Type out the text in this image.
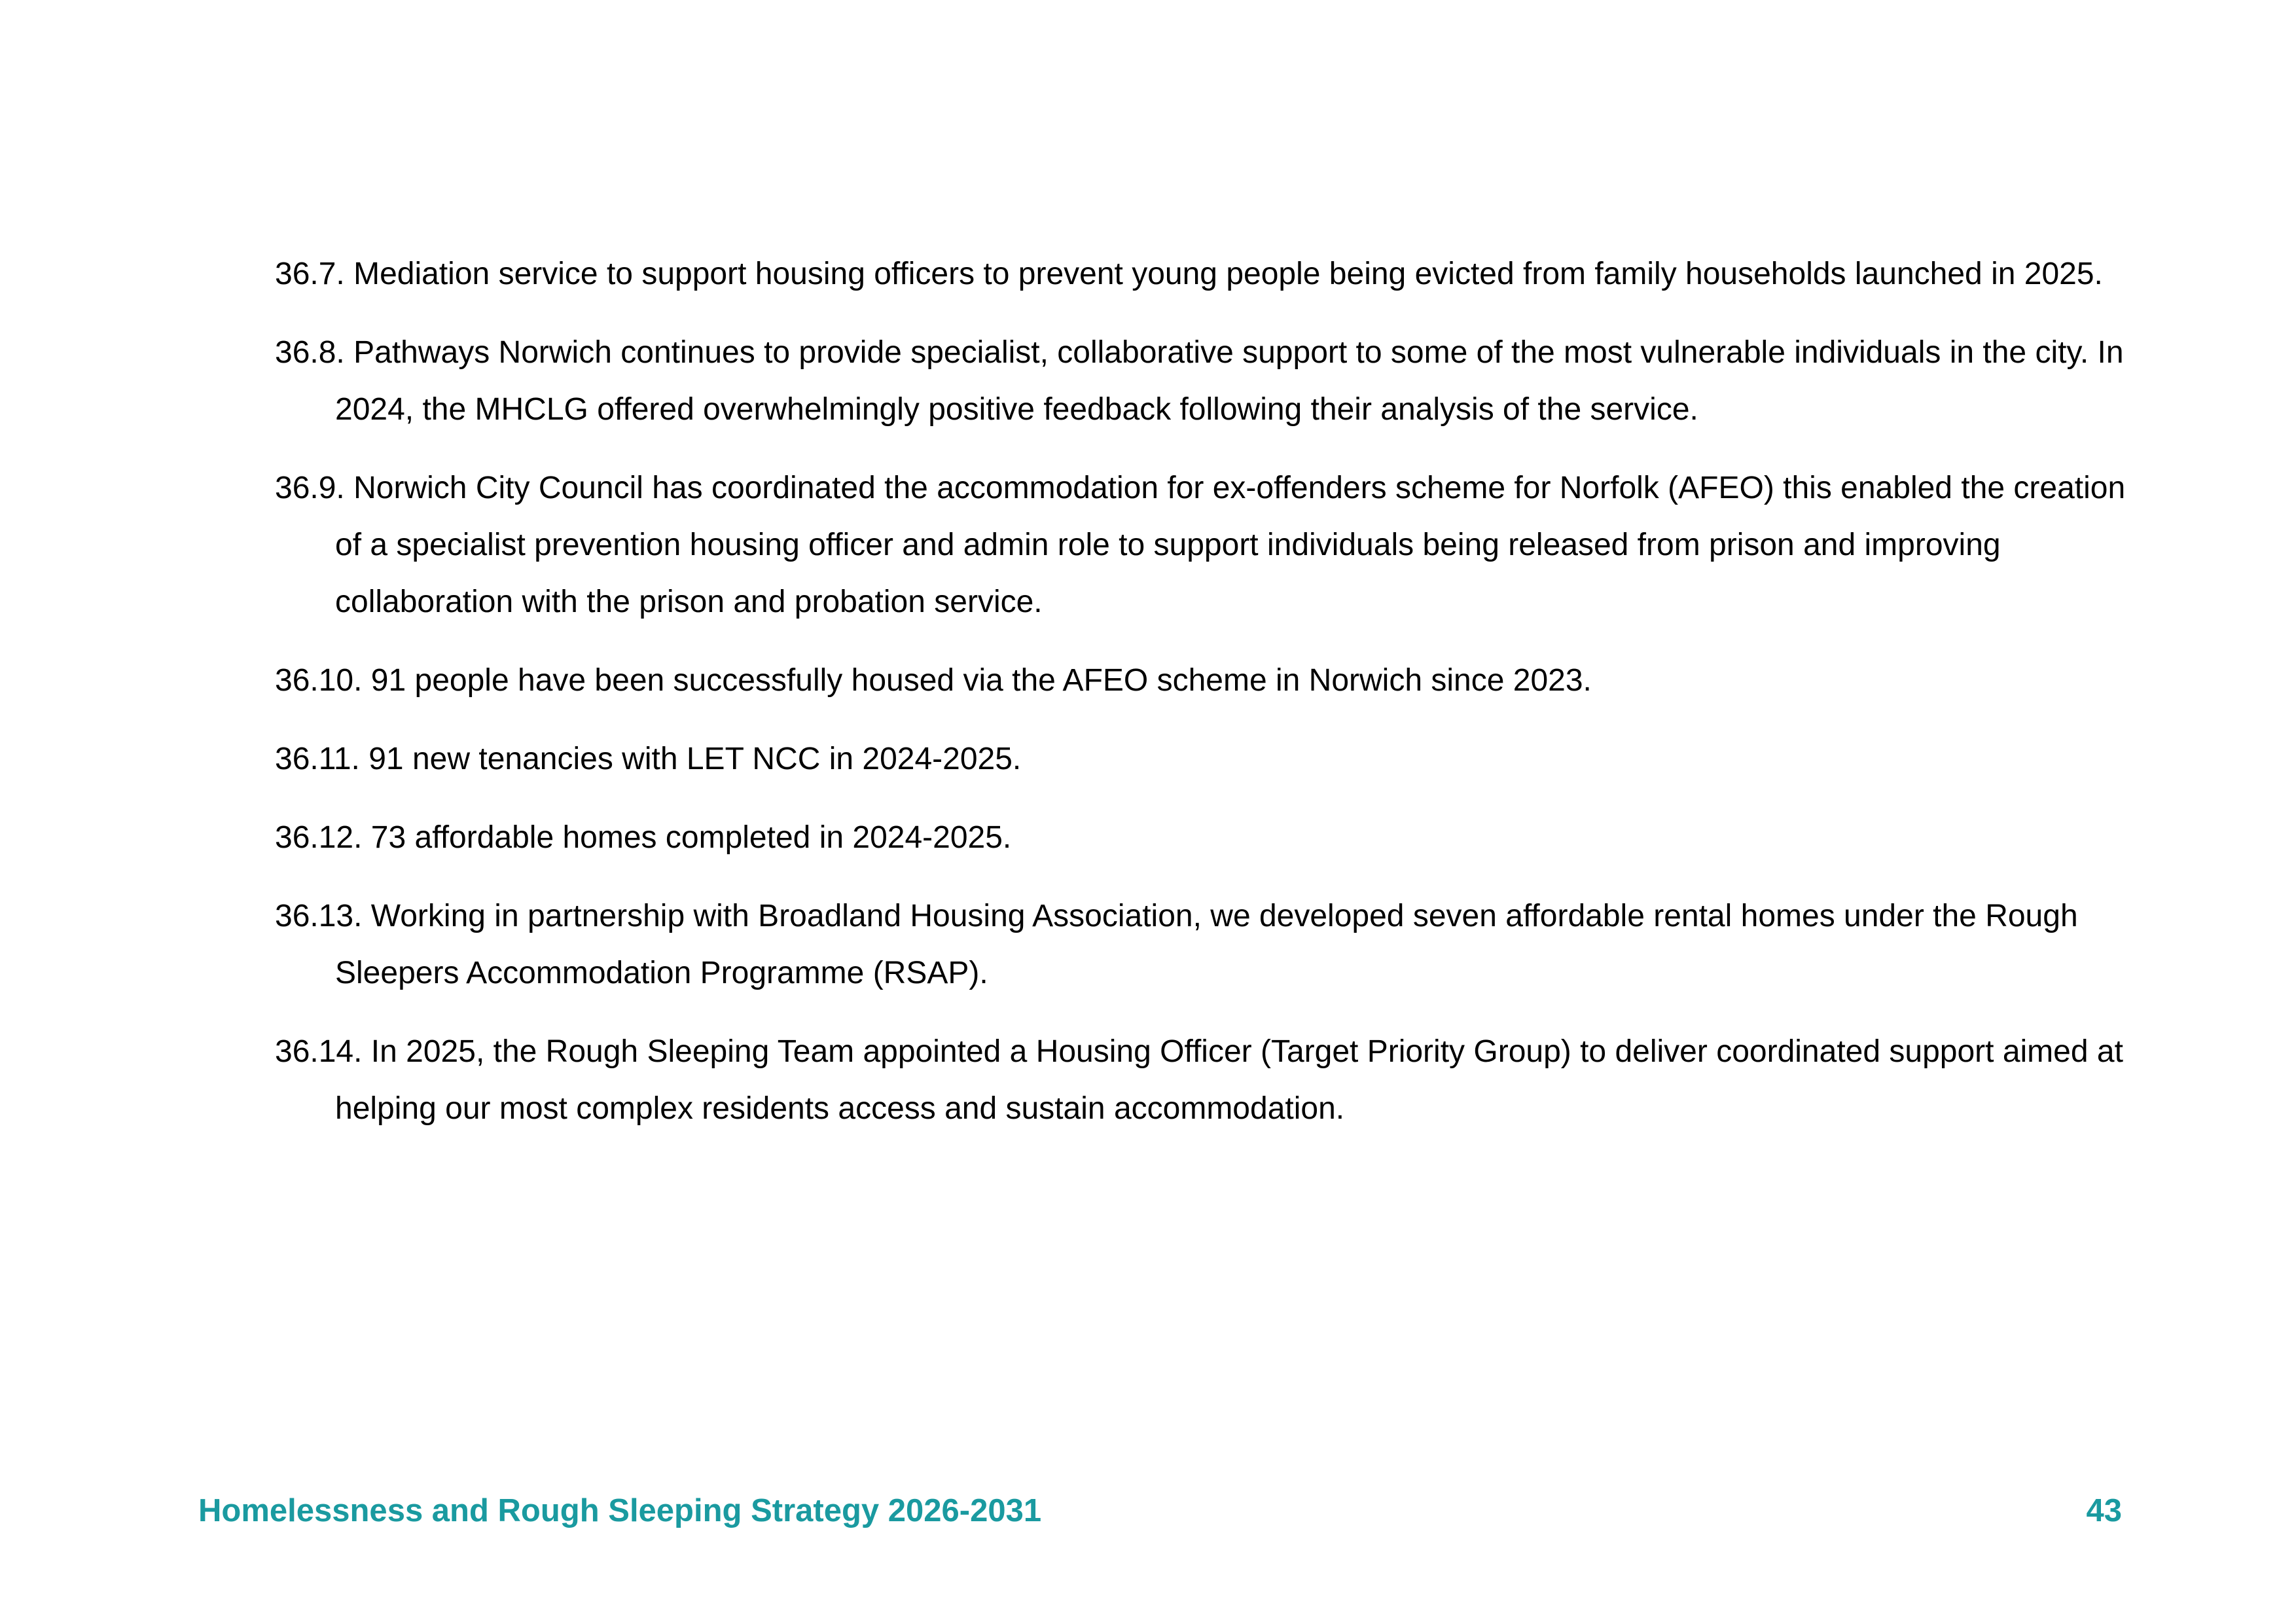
36.7. Mediation service to support housing officers to prevent young people being evicted from family households launched in 2025.
36.8. Pathways Norwich continues to provide specialist, collaborative support to some of the most vulnerable individuals in the city. In 2024, the MHCLG offered overwhelmingly positive feedback following their analysis of the service.
36.9. Norwich City Council has coordinated the accommodation for ex-offenders scheme for Norfolk (AFEO) this enabled the creation of a specialist prevention housing officer and admin role to support individuals being released from prison and improving collaboration with the prison and probation service.
36.10. 91 people have been successfully housed via the AFEO scheme in Norwich since 2023.
36.11. 91 new tenancies with LET NCC in 2024-2025.
36.12. 73 affordable homes completed in 2024-2025.
36.13. Working in partnership with Broadland Housing Association, we developed seven affordable rental homes under the Rough Sleepers Accommodation Programme (RSAP).
36.14. In 2025, the Rough Sleeping Team appointed a Housing Officer (Target Priority Group) to deliver coordinated support aimed at helping our most complex residents access and sustain accommodation.
Homelessness and Rough Sleeping Strategy 2026-2031	43
